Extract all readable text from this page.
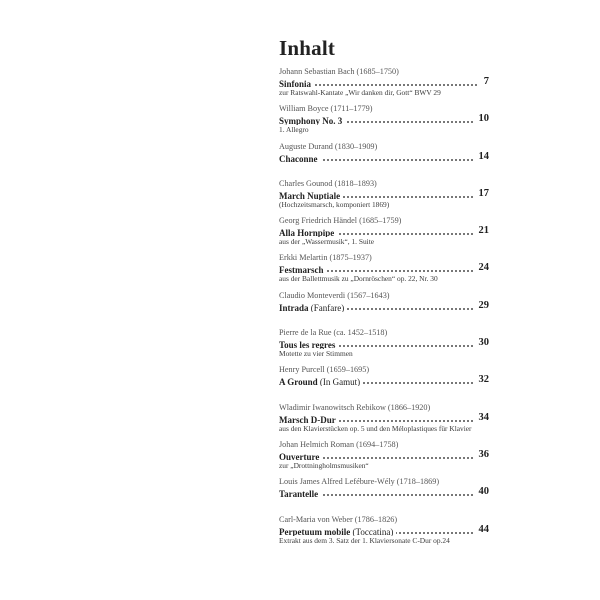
Inhalt
Johann Sebastian Bach (1685–1750)
Sinfonia	7
zur Ratswahl-Kantate „Wir danken dir, Gott“ BWV 29
William Boyce (1711–1779)
Symphony No. 3	10
1. Allegro
Auguste Durand (1830–1909)
Chaconne	14
Charles Gounod (1818–1893)
March Nuptiale	17
(Hochzeitsmarsch, komponiert 1869)
Georg Friedrich Händel (1685–1759)
Alla Hornpipe	21
aus der „Wassermusik“, 1. Suite
Erkki Melartin (1875–1937)
Festmarsch	24
aus der Ballettmusik zu „Dornröschen“ op. 22, Nr. 30
Claudio Monteverdi (1567–1643)
Intrada (Fanfare)	29
Pierre de la Rue (ca. 1452–1518)
Tous les regres	30
Motette zu vier Stimmen
Henry Purcell (1659–1695)
A Ground (In Gamut)	32
Wladimir Iwanowitsch Rebikow (1866–1920)
Marsch D-Dur	34
aus den Klavierstücken op. 5 und den Méloplastiques für Klavier
Johan Helmich Roman (1694–1758)
Ouverture	36
zur „Drottningholmsmusiken“
Louis James Alfred Lefébure-Wély (1718–1869)
Tarantelle	40
Carl-Maria von Weber (1786–1826)
Perpetuum mobile (Toccatina)	44
Extrakt aus dem 3. Satz der 1. Klaviersonate C-Dur op.24
